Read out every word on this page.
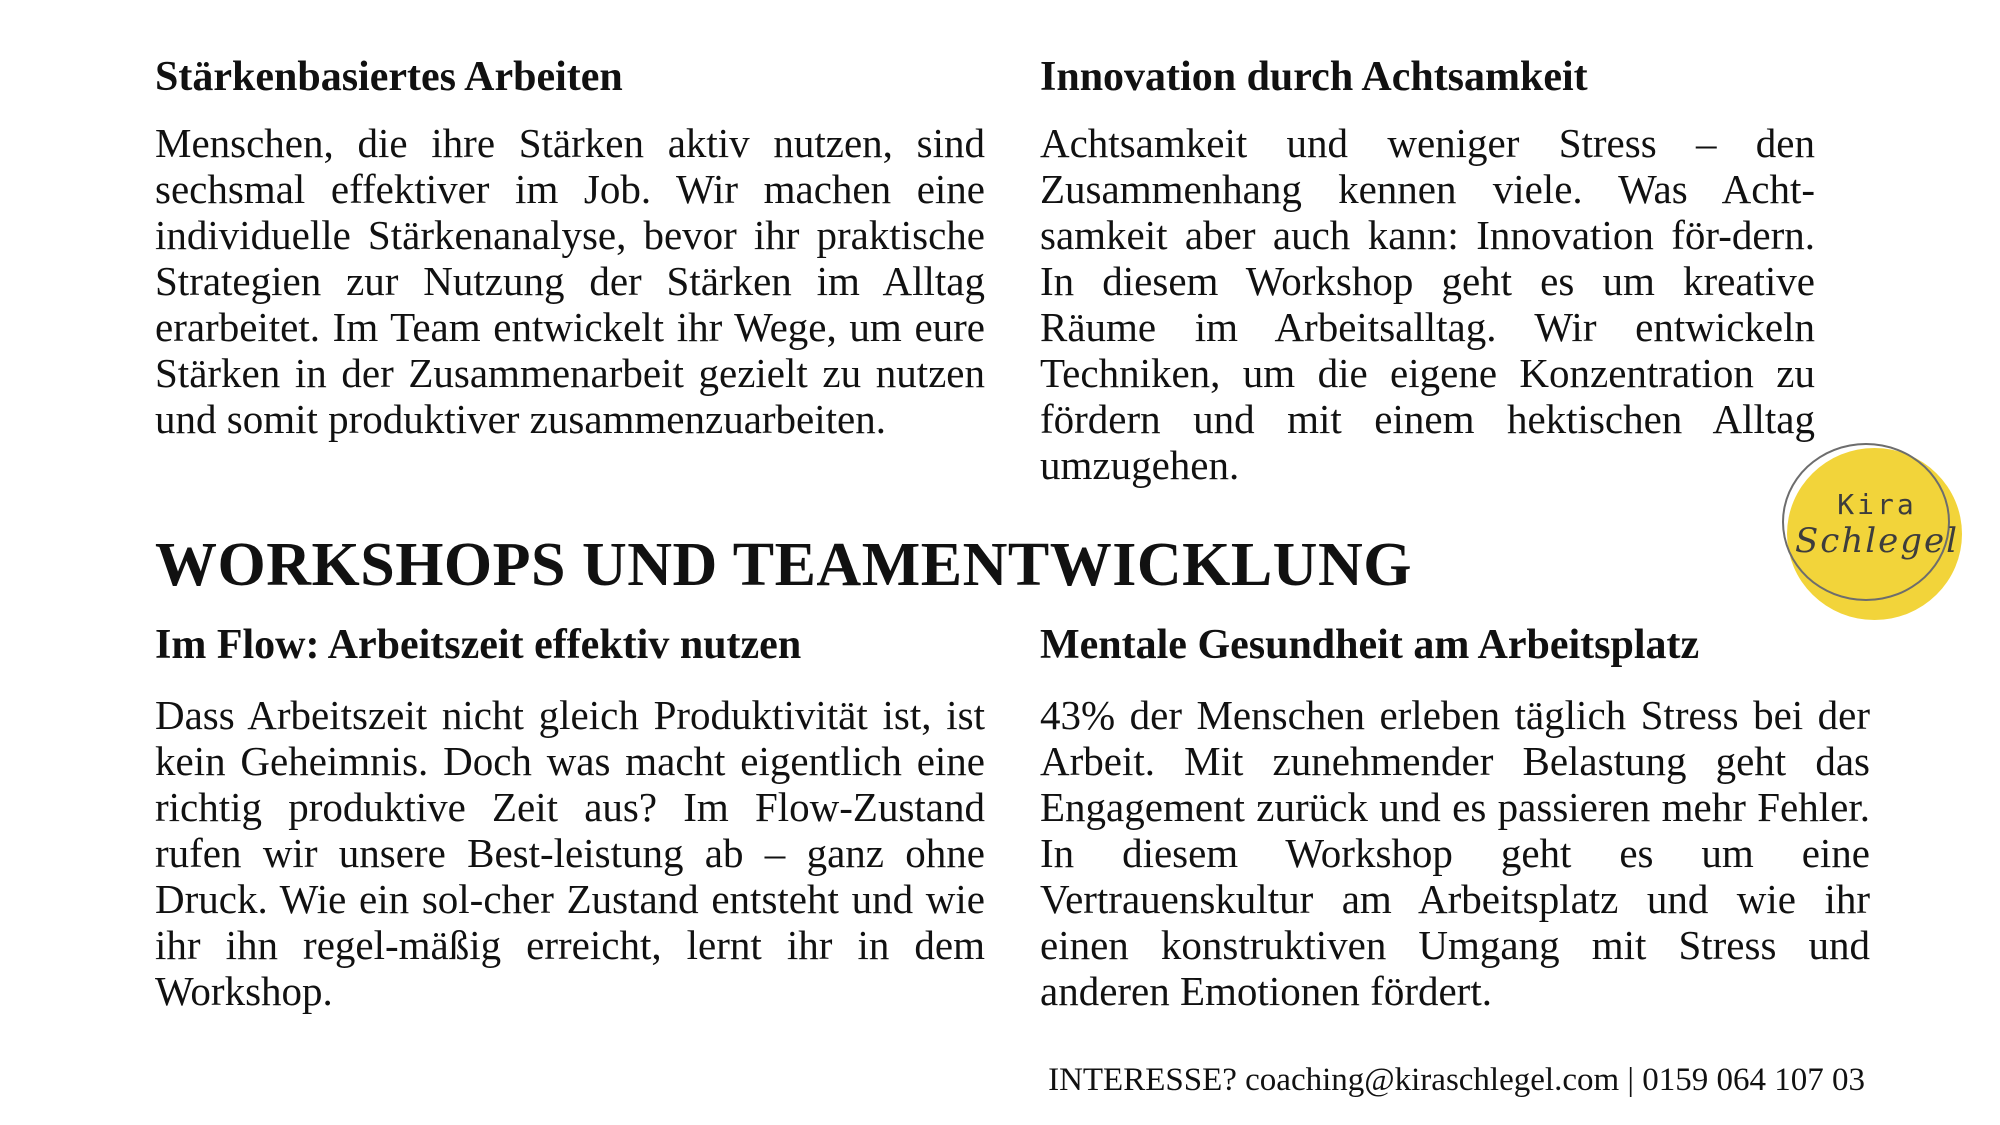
Stärkenbasiertes Arbeiten

Menschen, die ihre Stärken aktiv nutzen, sind sechsmal effektiver im Job. Wir machen eine individuelle Stärkenanalyse, bevor ihr praktische Strategien zur Nutzung der Stärken im Alltag erarbeitet. Im Team entwickelt ihr Wege, um eure Stärken in der Zusammenarbeit gezielt zu nutzen und somit produktiver zusammenzuarbeiten.

Innovation durch Achtsamkeit

Achtsamkeit und weniger Stress – den Zusammenhang kennen viele. Was Acht-samkeit aber auch kann: Innovation för-dern. In diesem Workshop geht es um kreative Räume im Arbeitsalltag. Wir entwickeln Techniken, um die eigene Konzentration zu fördern und mit einem hektischen Alltag umzugehen.

Kira
Schlegel
WORKSHOPS UND TEAMENTWICKLUNG
Im Flow: Arbeitszeit effektiv nutzen

Dass Arbeitszeit nicht gleich Produktivität ist, ist kein Geheimnis. Doch was macht eigentlich eine richtig produktive Zeit aus? Im Flow-Zustand rufen wir unsere Best-leistung ab – ganz ohne Druck. Wie ein sol-cher Zustand entsteht und wie ihr ihn regel-mäßig erreicht, lernt ihr in dem Workshop.

Mentale Gesundheit am Arbeitsplatz

43% der Menschen erleben täglich Stress bei der Arbeit. Mit zunehmender Belastung geht das Engagement zurück und es passieren mehr Fehler. In diesem Workshop geht es um eine Vertrauenskultur am Arbeitsplatz und wie ihr einen konstruktiven Umgang mit Stress und anderen Emotionen fördert.

INTERESSE? coaching@kiraschlegel.com | 0159 064 107 03
